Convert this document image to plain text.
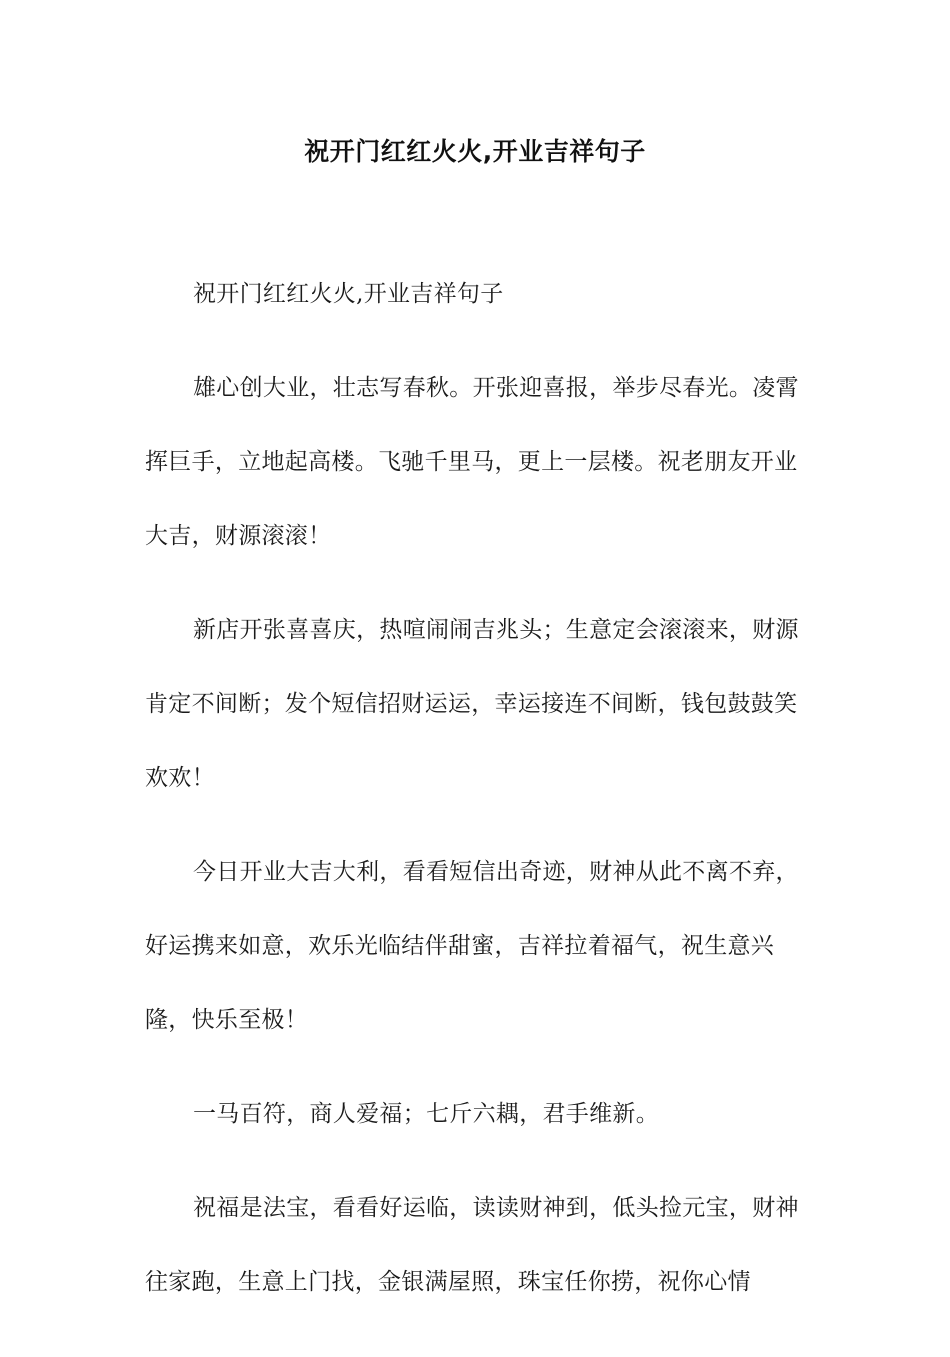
祝开门红红火火,开业吉祥句子

祝开门红红火火,开业吉祥句子

雄心创大业，壮志写春秋。开张迎喜报，举步尽春光。凌霄挥巨手，立地起高楼。飞驰千里马，更上一层楼。祝老朋友开业大吉，财源滚滚！

新店开张喜喜庆，热喧闹闹吉兆头；生意定会滚滚来，财源肯定不间断；发个短信招财运运，幸运接连不间断，钱包鼓鼓笑欢欢！

今日开业大吉大利，看看短信出奇迹，财神从此不离不弃，好运携来如意，欢乐光临结伴甜蜜，吉祥拉着福气，祝生意兴隆，快乐至极！

一马百符，商人爱福；七斤六耦，君手维新。

祝福是法宝，看看好运临，读读财神到，低头捡元宝，财神往家跑，生意上门找，金银满屋照，珠宝任你捞，祝你心情
